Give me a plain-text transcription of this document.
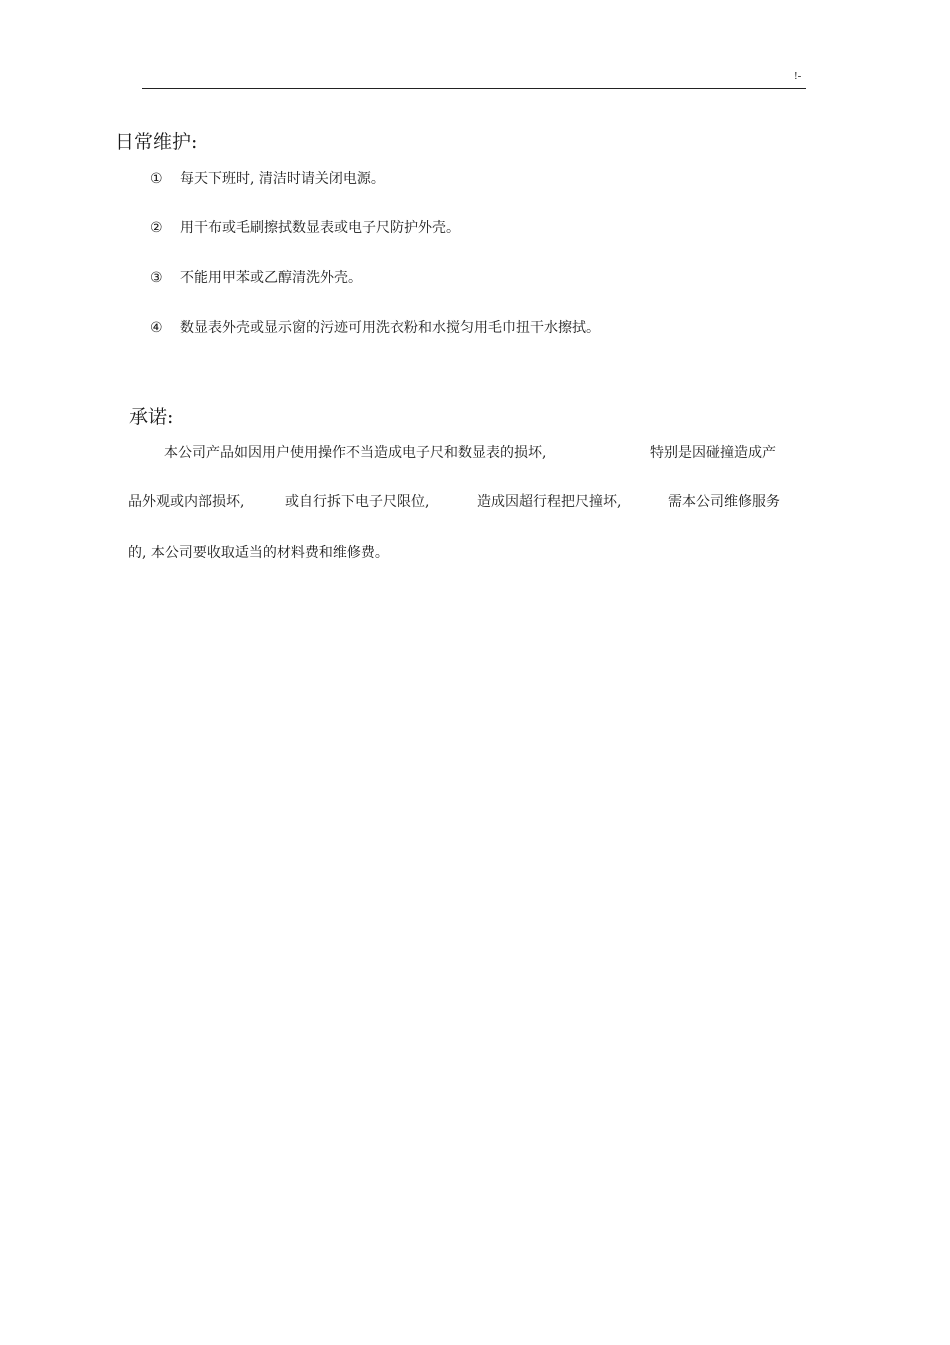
!-
日常维护:
① 每天下班时, 清洁时请关闭电源。
② 用干布或毛刷擦拭数显表或电子尺防护外壳。
③ 不能用甲苯或乙醇清洗外壳。
④ 数显表外壳或显示窗的污迹可用洗衣粉和水搅匀用毛巾扭干水擦拭。
承诺:
本公司产品如因用户使用操作不当造成电子尺和数显表的损坏,	特别是因碰撞造成产
品外观或内部损坏,	或自行拆下电子尺限位,	造成因超行程把尺撞坏,	需本公司维修服务
的, 本公司要收取适当的材料费和维修费。
